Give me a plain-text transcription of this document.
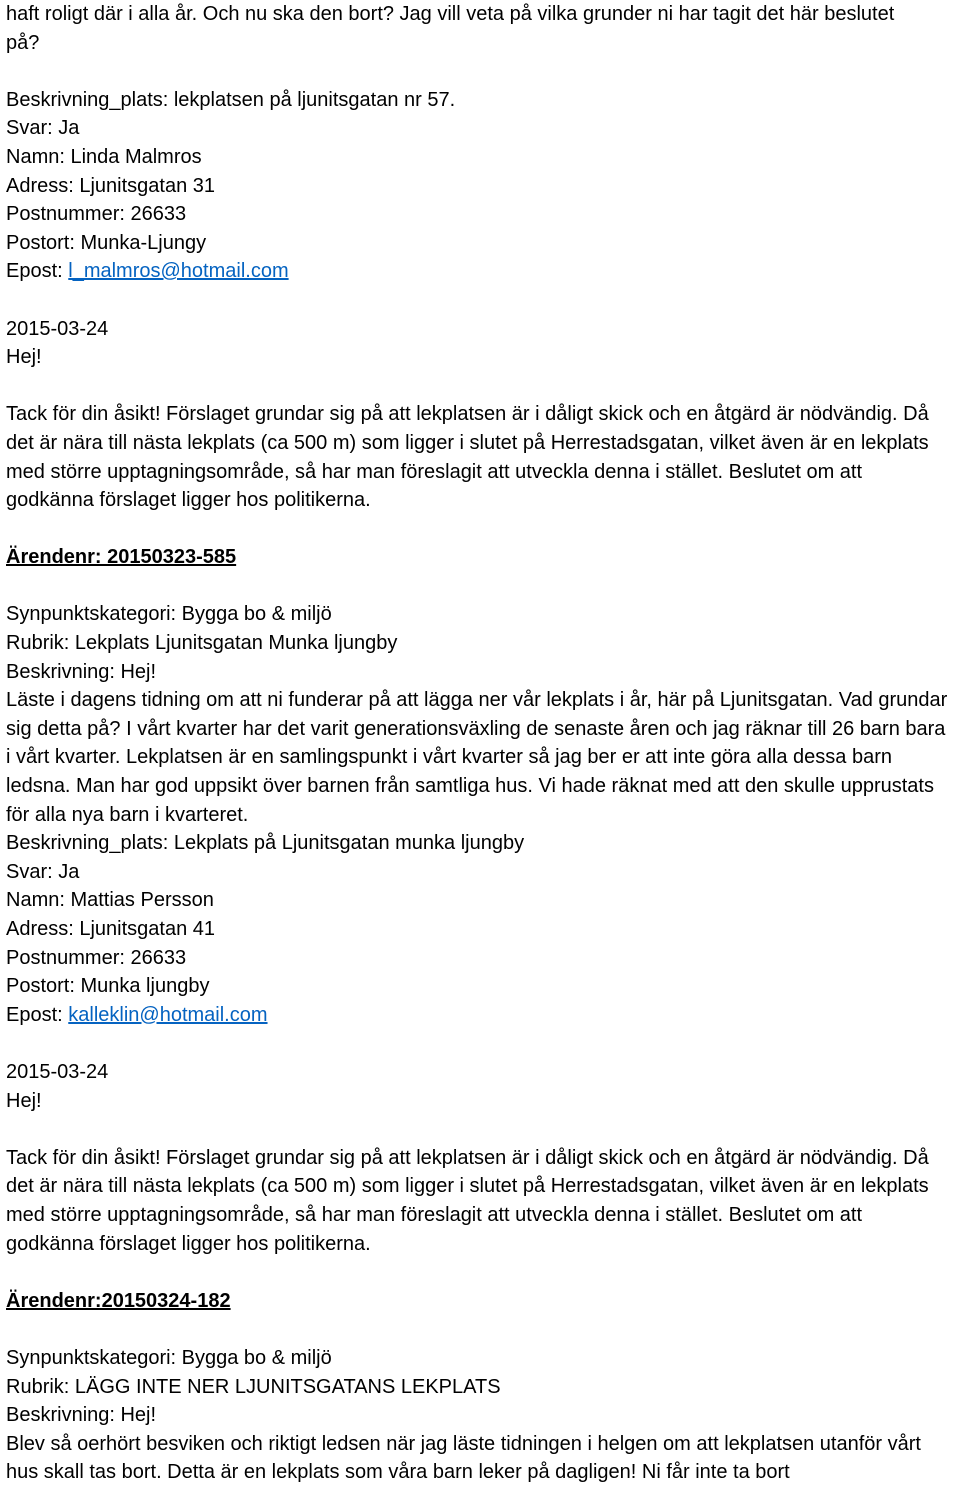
haft roligt där i alla år. Och nu ska den bort? Jag vill veta på vilka grunder ni har tagit det här beslutet
på?
Beskrivning_plats: lekplatsen på ljunitsgatan nr 57.
Svar: Ja
Namn: Linda Malmros
Adress: Ljunitsgatan 31
Postnummer: 26633
Postort: Munka-Ljungy
Epost: l_malmros@hotmail.com
2015-03-24
Hej!
Tack för din åsikt! Förslaget grundar sig på att lekplatsen är i dåligt skick och en åtgärd är nödvändig. Då det är nära till nästa lekplats (ca 500 m) som ligger i slutet på Herrestadsgatan, vilket även är en lekplats med större upptagningsområde, så har man föreslagit att utveckla denna i stället. Beslutet om att godkänna förslaget ligger hos politikerna.
Ärendenr: 20150323-585
Synpunktskategori: Bygga bo & miljö
Rubrik: Lekplats Ljunitsgatan Munka ljungby
Beskrivning: Hej!
Läste i dagens tidning om att ni funderar på att lägga ner vår lekplats i år, här på Ljunitsgatan. Vad grundar sig detta på? I vårt kvarter har det varit generationsväxling de senaste åren och jag räknar till 26 barn bara i vårt kvarter. Lekplatsen är en samlingspunkt i vårt kvarter så jag ber er att inte göra alla dessa barn ledsna. Man har god uppsikt över barnen från samtliga hus. Vi hade räknat med att den skulle upprustats för alla nya barn i kvarteret.
Beskrivning_plats: Lekplats på Ljunitsgatan munka ljungby
Svar: Ja
Namn: Mattias Persson
Adress: Ljunitsgatan 41
Postnummer: 26633
Postort: Munka ljungby
Epost: kalleklin@hotmail.com
2015-03-24
Hej!
Tack för din åsikt! Förslaget grundar sig på att lekplatsen är i dåligt skick och en åtgärd är nödvändig. Då det är nära till nästa lekplats (ca 500 m) som ligger i slutet på Herrestadsgatan, vilket även är en lekplats med större upptagningsområde, så har man föreslagit att utveckla denna i stället. Beslutet om att godkänna förslaget ligger hos politikerna.
Ärendenr:20150324-182
Synpunktskategori: Bygga bo & miljö
Rubrik: LÄGG INTE NER LJUNITSGATANS LEKPLATS
Beskrivning: Hej!
Blev så oerhört besviken och riktigt ledsen när jag läste tidningen i helgen om att lekplatsen utanför vårt hus skall tas bort. Detta är en lekplats som våra barn leker på dagligen! Ni får inte ta bort
